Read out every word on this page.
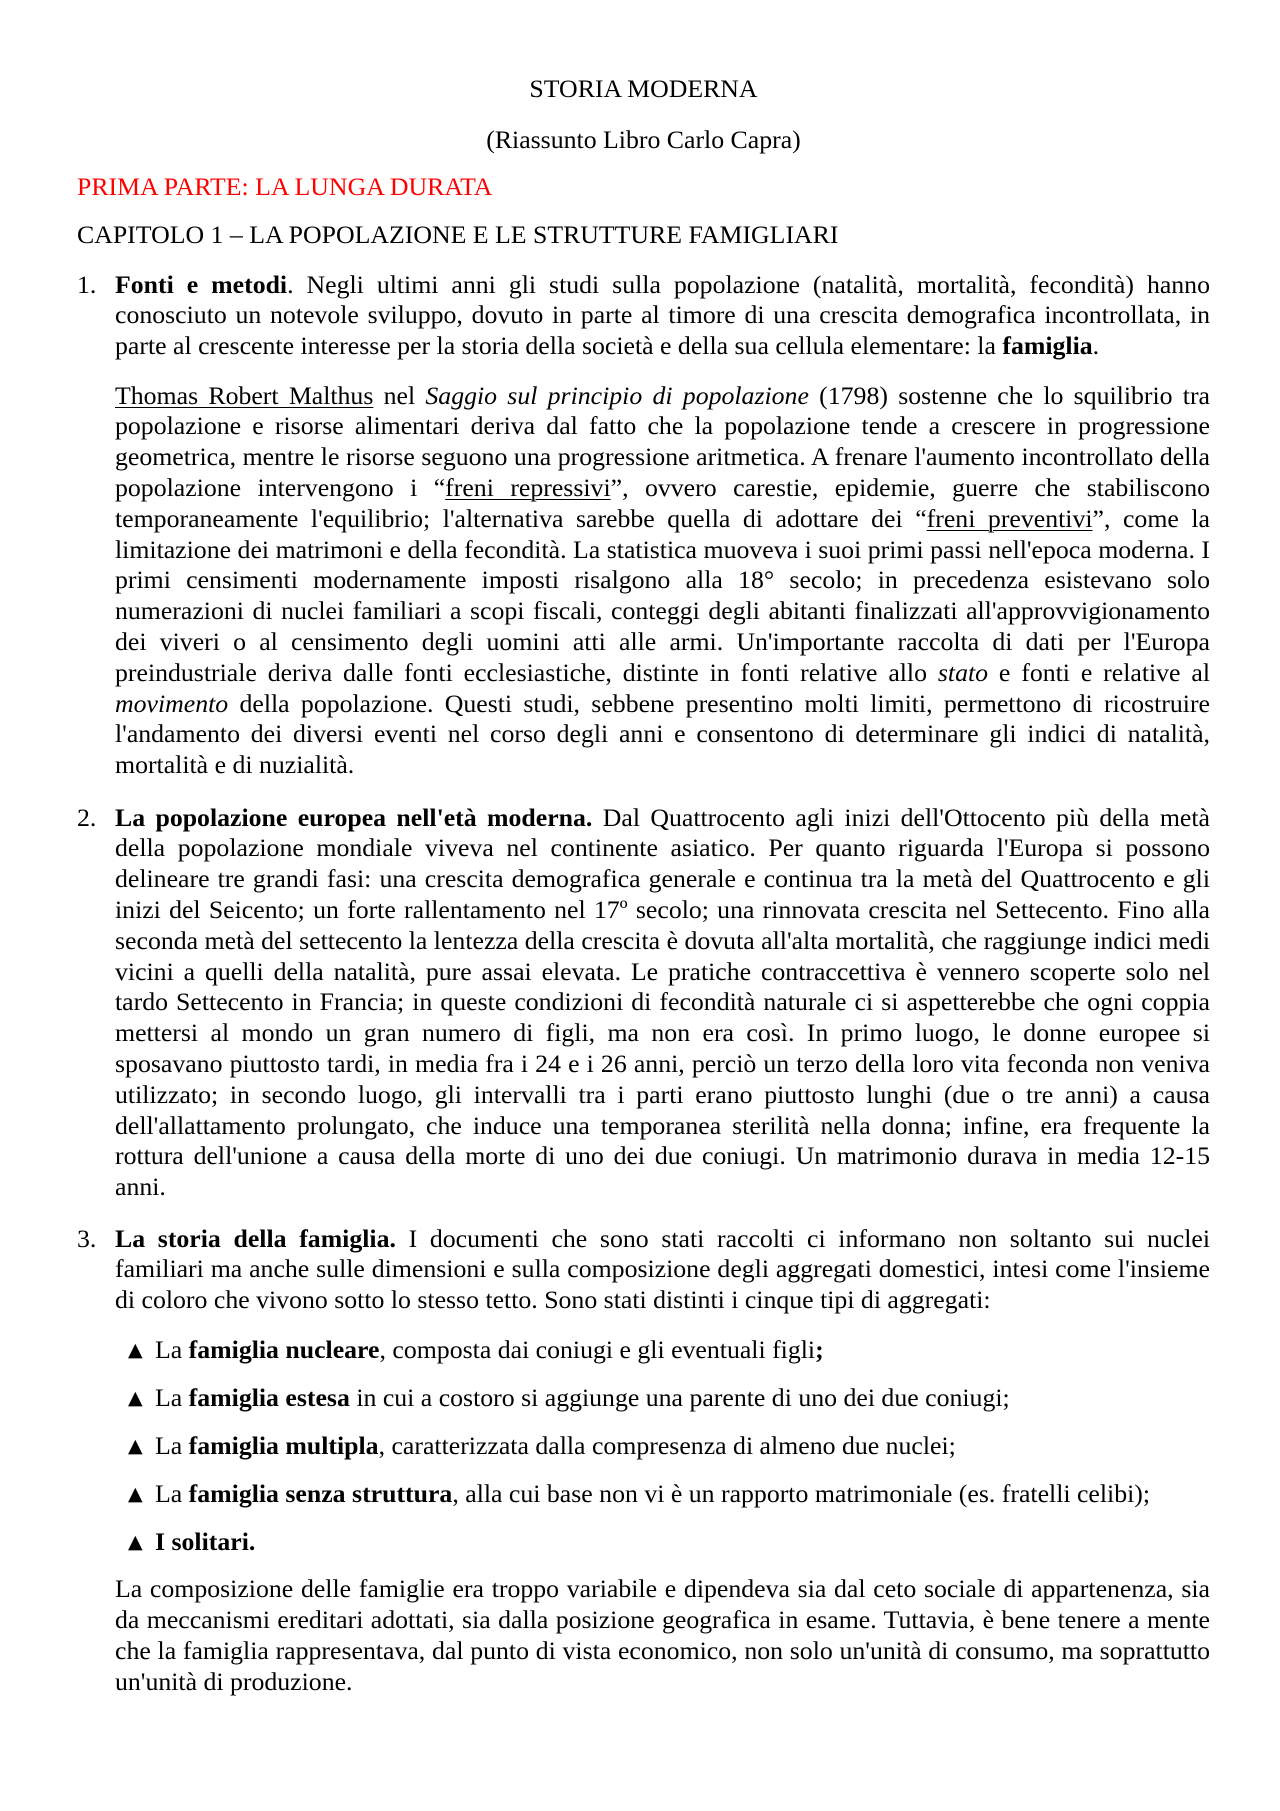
STORIA MODERNA
(Riassunto Libro Carlo Capra)
PRIMA PARTE: LA LUNGA DURATA
CAPITOLO 1 – LA POPOLAZIONE E LE STRUTTURE FAMIGLIARI
1. Fonti e metodi. Negli ultimi anni gli studi sulla popolazione (natalità, mortalità, fecondità) hanno conosciuto un notevole sviluppo, dovuto in parte al timore di una crescita demografica incontrollata, in parte al crescente interesse per la storia della società e della sua cellula elementare: la famiglia.

Thomas Robert Malthus nel Saggio sul principio di popolazione (1798) sostenne che lo squilibrio tra popolazione e risorse alimentari deriva dal fatto che la popolazione tende a crescere in progressione geometrica, mentre le risorse seguono una progressione aritmetica. A frenare l'aumento incontrollato della popolazione intervengono i “freni repressivi”, ovvero carestie, epidemie, guerre che stabiliscono temporaneamente l'equilibrio; l'alternativa sarebbe quella di adottare dei “freni preventivi”, come la limitazione dei matrimoni e della fecondità. La statistica muoveva i suoi primi passi nell'epoca moderna. I primi censimenti modernamente imposti risalgono alla 18° secolo; in precedenza esistevano solo numerazioni di nuclei familiari a scopi fiscali, conteggi degli abitanti finalizzati all'approvvigionamento dei viveri o al censimento degli uomini atti alle armi. Un'importante raccolta di dati per l'Europa preindustriale deriva dalle fonti ecclesiastiche, distinte in fonti relative allo stato e fonti e relative al movimento della popolazione. Questi studi, sebbene presentino molti limiti, permettono di ricostruire l'andamento dei diversi eventi nel corso degli anni e consentono di determinare gli indici di natalità, mortalità e di nuzialità.

2. La popolazione europea nell'età moderna. Dal Quattrocento agli inizi dell'Ottocento più della metà della popolazione mondiale viveva nel continente asiatico. Per quanto riguarda l'Europa si possono delineare tre grandi fasi: una crescita demografica generale e continua tra la metà del Quattrocento e gli inizi del Seicento; un forte rallentamento nel 17º secolo; una rinnovata crescita nel Settecento. Fino alla seconda metà del settecento la lentezza della crescita è dovuta all'alta mortalità, che raggiunge indici medi vicini a quelli della natalità, pure assai elevata. Le pratiche contraccettiva è vennero scoperte solo nel tardo Settecento in Francia; in queste condizioni di fecondità naturale ci si aspetterebbe che ogni coppia mettersi al mondo un gran numero di figli, ma non era così. In primo luogo, le donne europee si sposavano piuttosto tardi, in media fra i 24 e i 26 anni, perciò un terzo della loro vita feconda non veniva utilizzato; in secondo luogo, gli intervalli tra i parti erano piuttosto lunghi (due o tre anni) a causa dell'allattamento prolungato, che induce una temporanea sterilità nella donna; infine, era frequente la rottura dell'unione a causa della morte di uno dei due coniugi. Un matrimonio durava in media 12-15 anni.

3. La storia della famiglia. I documenti che sono stati raccolti ci informano non soltanto sui nuclei familiari ma anche sulle dimensioni e sulla composizione degli aggregati domestici, intesi come l'insieme di coloro che vivono sotto lo stesso tetto. Sono stati distinti i cinque tipi di aggregati:

▲ La famiglia nucleare, composta dai coniugi e gli eventuali figli;
▲ La famiglia estesa in cui a costoro si aggiunge una parente di uno dei due coniugi;
▲ La famiglia multipla, caratterizzata dalla compresenza di almeno due nuclei;
▲ La famiglia senza struttura, alla cui base non vi è un rapporto matrimoniale (es. fratelli celibi);
▲ I solitari.

La composizione delle famiglie era troppo variabile e dipendeva sia dal ceto sociale di appartenenza, sia da meccanismi ereditari adottati, sia dalla posizione geografica in esame. Tuttavia, è bene tenere a mente che la famiglia rappresentava, dal punto di vista economico, non solo un'unità di consumo, ma soprattutto un'unità di produzione.
